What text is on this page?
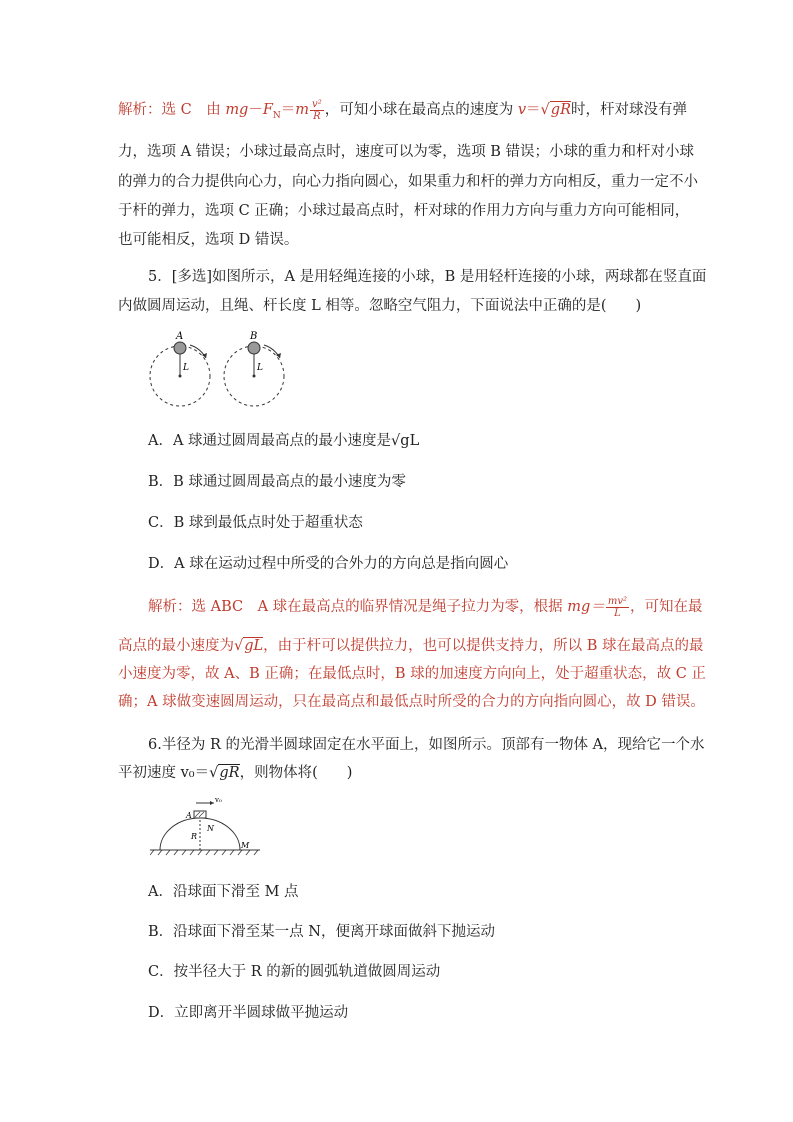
解析：选 C　由 $mg-F_N=m \frac{\text{v²}}{R}$ ，可知小球在最高点的速度为 v＝√gR时，杆对球没有弹
力，选项 A 错误；小球过最高点时，速度可以为零，选项 B 错误；小球的重力和杆对小球
的弹力的合力提供向心力，向心力指向圆心，如果重力和杆的弹力方向相反，重力一定不小
于杆的弹力，选项 C 正确；小球过最高点时，杆对球的作用力方向与重力方向可能相同，
也可能相反，选项 D 错误。
5．[多选]如图所示，A 是用轻绳连接的小球，B 是用轻杆连接的小球，两球都在竖直面
内做圆周运动，且绳、杆长度 L 相等。忽略空气阻力，下面说法中正确的是(　　)
A
L
B
L
A．A 球通过圆周最高点的最小速度是√gL
B．B 球通过圆周最高点的最小速度为零
C．B 球到最低点时处于超重状态
D．A 球在运动过程中所受的合外力的方向总是指向圆心
解析：选 ABC　A 球在最高点的临界情况是绳子拉力为零，根据 $mg= \frac{\text{mv²}}{L}$ ，可知在最
高点的最小速度为√gL，由于杆可以提供拉力，也可以提供支持力，所以 B 球在最高点的最
小速度为零，故 A、B 正确；在最低点时，B 球的加速度方向向上，处于超重状态，故 C 正
确；A 球做变速圆周运动，只在最高点和最低点时所受的合力的方向指向圆心，故 D 错误。
6.半径为 R 的光滑半圆球固定在水平面上，如图所示。顶部有一物体 A，现给它一个水
平初速度 v₀＝√gR，则物体将(　　)
v₀
A
N
R
M
A．沿球面下滑至 M 点
B．沿球面下滑至某一点 N，便离开球面做斜下抛运动
C．按半径大于 R 的新的圆弧轨道做圆周运动
D．立即离开半圆球做平抛运动
